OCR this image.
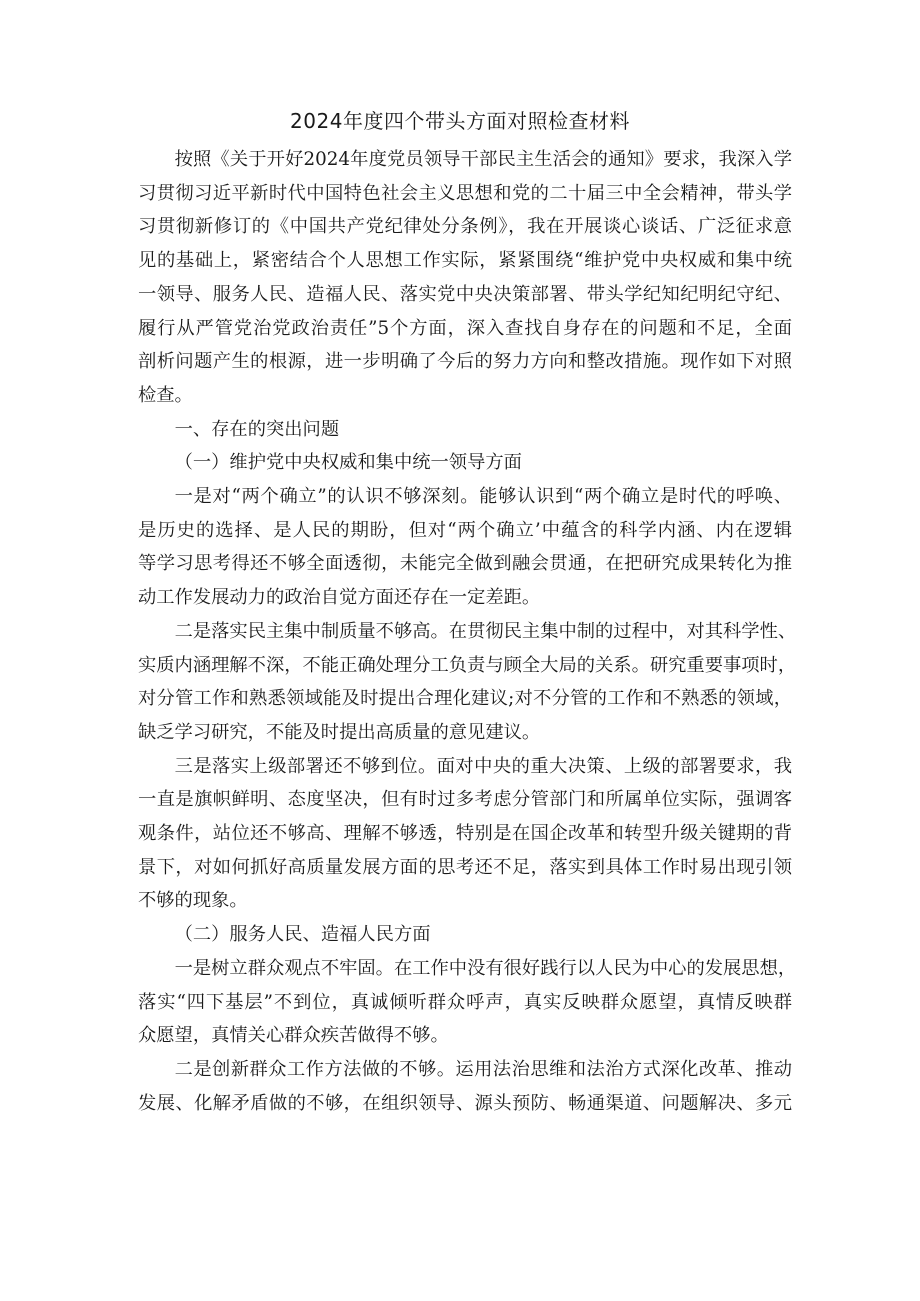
2024年度四个带头方面对照检查材料

按照《关于开好2024年度党员领导干部民主生活会的通知》要求，我深入学
习贯彻习近平新时代中国特色社会主义思想和党的二十届三中全会精神，带头学
习贯彻新修订的《中国共产党纪律处分条例》，我在开展谈心谈话、广泛征求意
见的基础上，紧密结合个人思想工作实际，紧紧围绕“维护党中央权威和集中统
一领导、服务人民、造福人民、落实党中央决策部署、带头学纪知纪明纪守纪、
履行从严管党治党政治责任”5个方面，深入查找自身存在的问题和不足，全面
剖析问题产生的根源，进一步明确了今后的努力方向和整改措施。现作如下对照
检查。

一、存在的突出问题

（一）维护党中央权威和集中统一领导方面

一是对“两个确立”的认识不够深刻。能够认识到“两个确立是时代的呼唤、
是历史的选择、是人民的期盼，但对“两个确立’中蕴含的科学内涵、内在逻辑
等学习思考得还不够全面透彻，未能完全做到融会贯通，在把研究成果转化为推
动工作发展动力的政治自觉方面还存在一定差距。

二是落实民主集中制质量不够高。在贯彻民主集中制的过程中，对其科学性、
实质内涵理解不深，不能正确处理分工负责与顾全大局的关系。研究重要事项时，
对分管工作和熟悉领域能及时提出合理化建议;对不分管的工作和不熟悉的领域，
缺乏学习研究，不能及时提出高质量的意见建议。

三是落实上级部署还不够到位。面对中央的重大决策、上级的部署要求，我
一直是旗帜鲜明、态度坚决，但有时过多考虑分管部门和所属单位实际，强调客
观条件，站位还不够高、理解不够透，特别是在国企改革和转型升级关键期的背
景下，对如何抓好高质量发展方面的思考还不足，落实到具体工作时易出现引领
不够的现象。

（二）服务人民、造福人民方面

一是树立群众观点不牢固。在工作中没有很好践行以人民为中心的发展思想，
落实“四下基层”不到位，真诚倾听群众呼声，真实反映群众愿望，真情反映群
众愿望，真情关心群众疾苦做得不够。

二是创新群众工作方法做的不够。运用法治思维和法治方式深化改革、推动
发展、化解矛盾做的不够，在组织领导、源头预防、畅通渠道、问题解决、多元
